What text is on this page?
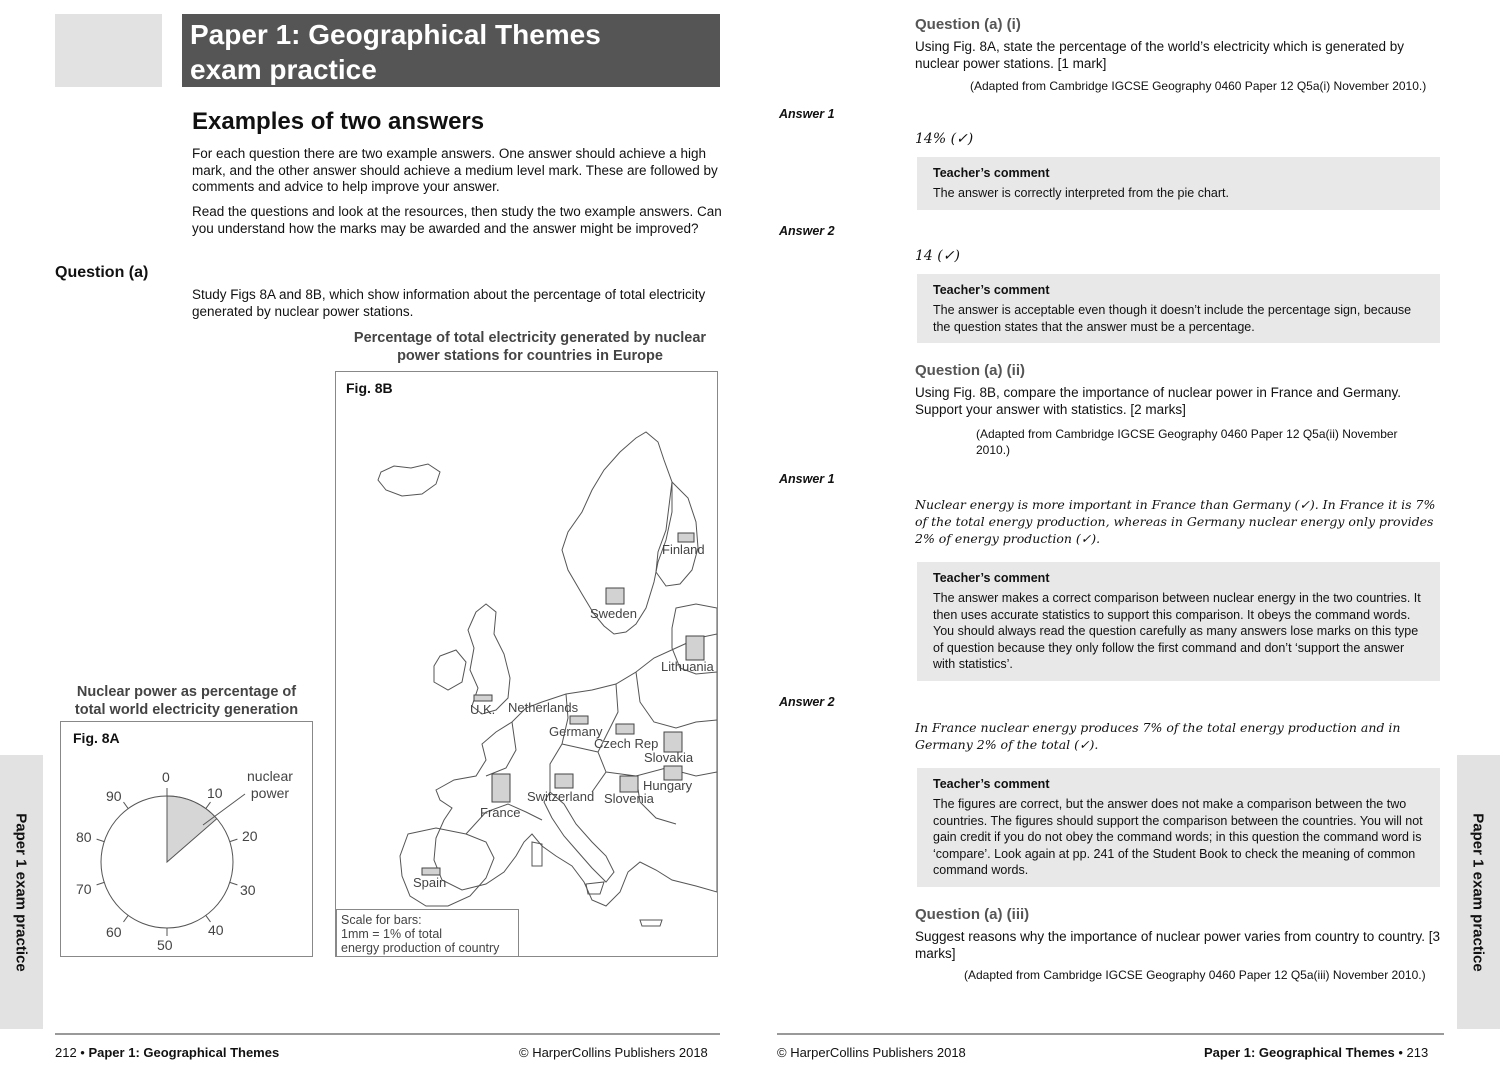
Paper 1: Geographical Themes
exam practice
Examples of two answers

For each question there are two example answers. One answer should achieve a high mark, and the other answer should achieve a medium level mark. These are followed by comments and advice to help improve your answer.

Read the questions and look at the resources, then study the two example answers. Can you understand how the marks may be awarded and the answer might be improved?

Question (a)

Study Figs 8A and 8B, which show information about the percentage of total electricity generated by nuclear power stations.

Percentage of total electricity generated by nuclear power stations for countries in Europe
Fig. 8B
Finland
Sweden
Lithuania
U.K. Netherlands
Germany
Czech Rep
Slovakia
Hungary
Switzerland Slovenia
France
Spain
Scale for bars:
1mm = 1% of total
energy production of country
Nuclear power as percentage of
total world electricity generation
Fig. 8A
0
10
20
30
40
50
60
70
80
90
nuclear
power
Paper 1 exam practice
212 • Paper 1: Geographical Themes	© HarperCollins Publishers 2018
Question (a) (i)

Using Fig. 8A, state the percentage of the world’s electricity which is generated by nuclear power stations. [1 mark]

(Adapted from Cambridge IGCSE Geography 0460 Paper 12 Q5a(i) November 2010.)
Answer 1
14% (✓)
Teacher’s comment
The answer is correctly interpreted from the pie chart.
Answer 2
14 (✓)
Teacher’s comment
The answer is acceptable even though it doesn’t include the percentage sign, because the question states that the answer must be a percentage.
Question (a) (ii)

Using Fig. 8B, compare the importance of nuclear power in France and Germany. Support your answer with statistics. [2 marks]

(Adapted from Cambridge IGCSE Geography 0460 Paper 12 Q5a(ii) November 2010.)
Answer 1
Nuclear energy is more important in France than Germany (✓). In France it is 7% of the total energy production, whereas in Germany nuclear energy only provides 2% of energy production (✓).
Teacher’s comment
The answer makes a correct comparison between nuclear energy in the two countries. It then uses accurate statistics to support this comparison. It obeys the command words. You should always read the question carefully as many answers lose marks on this type of question because they only follow the first command and don’t ‘support the answer with statistics’.
Answer 2
In France nuclear energy produces 7% of the total energy production and in Germany 2% of the total (✓).
Teacher’s comment
The figures are correct, but the answer does not make a comparison between the two countries. The figures should support the comparison between the countries. You will not gain credit if you do not obey the command words; in this question the command word is ‘compare’. Look again at pp. 241 of the Student Book to check the meaning of common command words.
Question (a) (iii)

Suggest reasons why the importance of nuclear power varies from country to country. [3 marks]

(Adapted from Cambridge IGCSE Geography 0460 Paper 12 Q5a(iii) November 2010.)
Paper 1 exam practice
© HarperCollins Publishers 2018	Paper 1: Geographical Themes • 213
